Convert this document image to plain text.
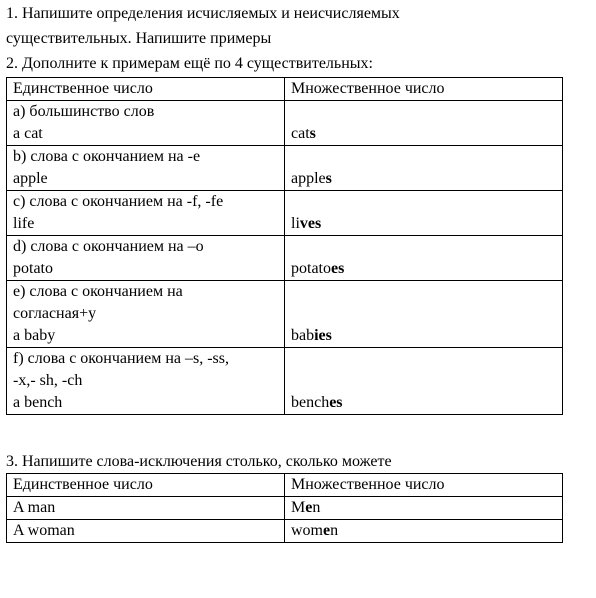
1. Напишите определения исчисляемых и неисчисляемых
существительных. Напишите примеры
2. Дополните к примерам ещё по 4 существительных:
Единственное число	Множественное число

a) большинство слов
a cat	cats

b) слова с окончанием на -e
apple	apples

c) слова с окончанием на -f, -fe
life	lives

d) слова с окончанием на –o
potato	potatoes

e) слова с окончанием на
согласная+y
a baby	babies

f) слова с окончанием на –s, -ss,
-x,- sh, -ch
a bench	benches
3. Напишите слова-исключения столько, сколько можете
Единственное число	Множественное число
A man	Men
A woman	women
